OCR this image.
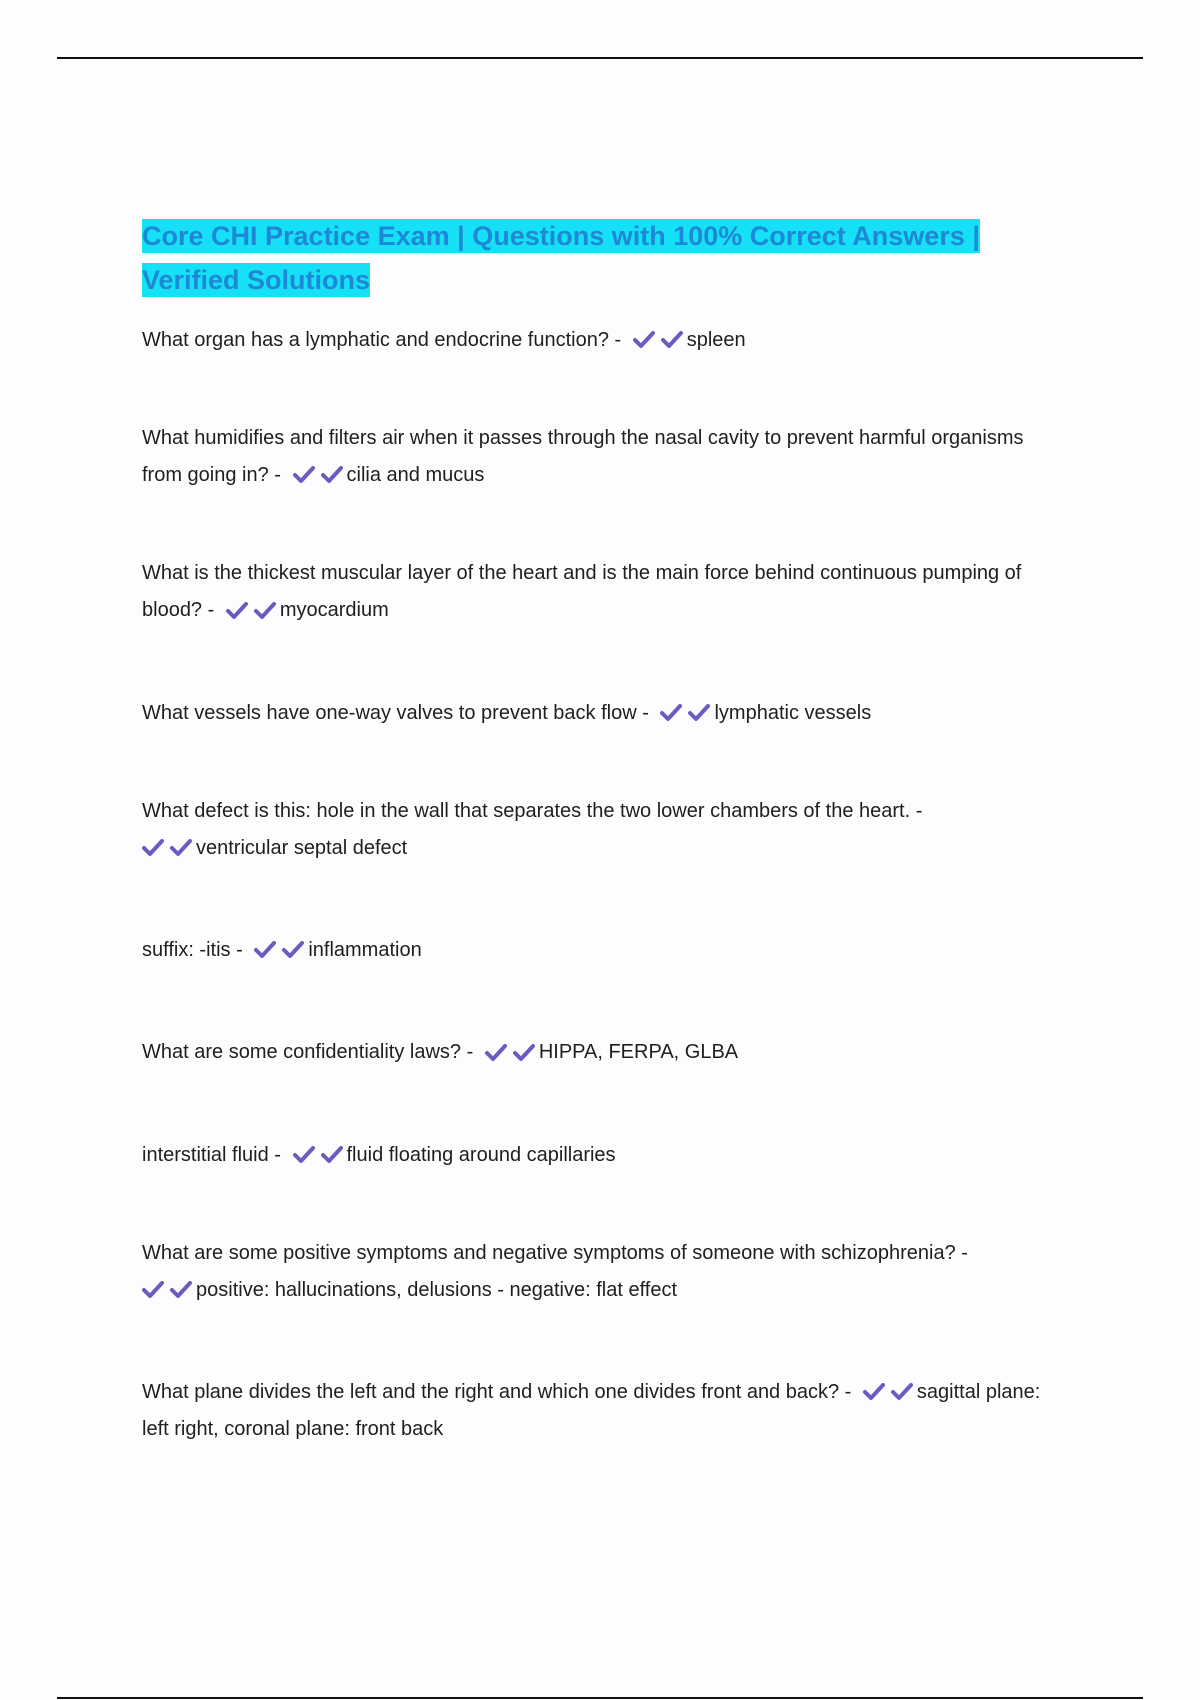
Core CHI Practice Exam | Questions with 100% Correct Answers | Verified Solutions

What organ has a lymphatic and endocrine function? -	spleen

What humidifies and filters air when it passes through the nasal cavity to prevent harmful organisms from going in? -	cilia and mucus

What is the thickest muscular layer of the heart and is the main force behind continuous pumping of blood? -	myocardium

What vessels have one-way valves to prevent back flow -	lymphatic vessels

What defect is this: hole in the wall that separates the two lower chambers of the heart. -
ventricular septal defect

suffix: -itis -	inflammation

What are some confidentiality laws? -	HIPPA, FERPA, GLBA

interstitial fluid -	fluid floating around capillaries

What are some positive symptoms and negative symptoms of someone with schizophrenia? -
positive: hallucinations, delusions - negative: flat effect

What plane divides the left and the right and which one divides front and back? -	sagittal plane: left right, coronal plane: front back
